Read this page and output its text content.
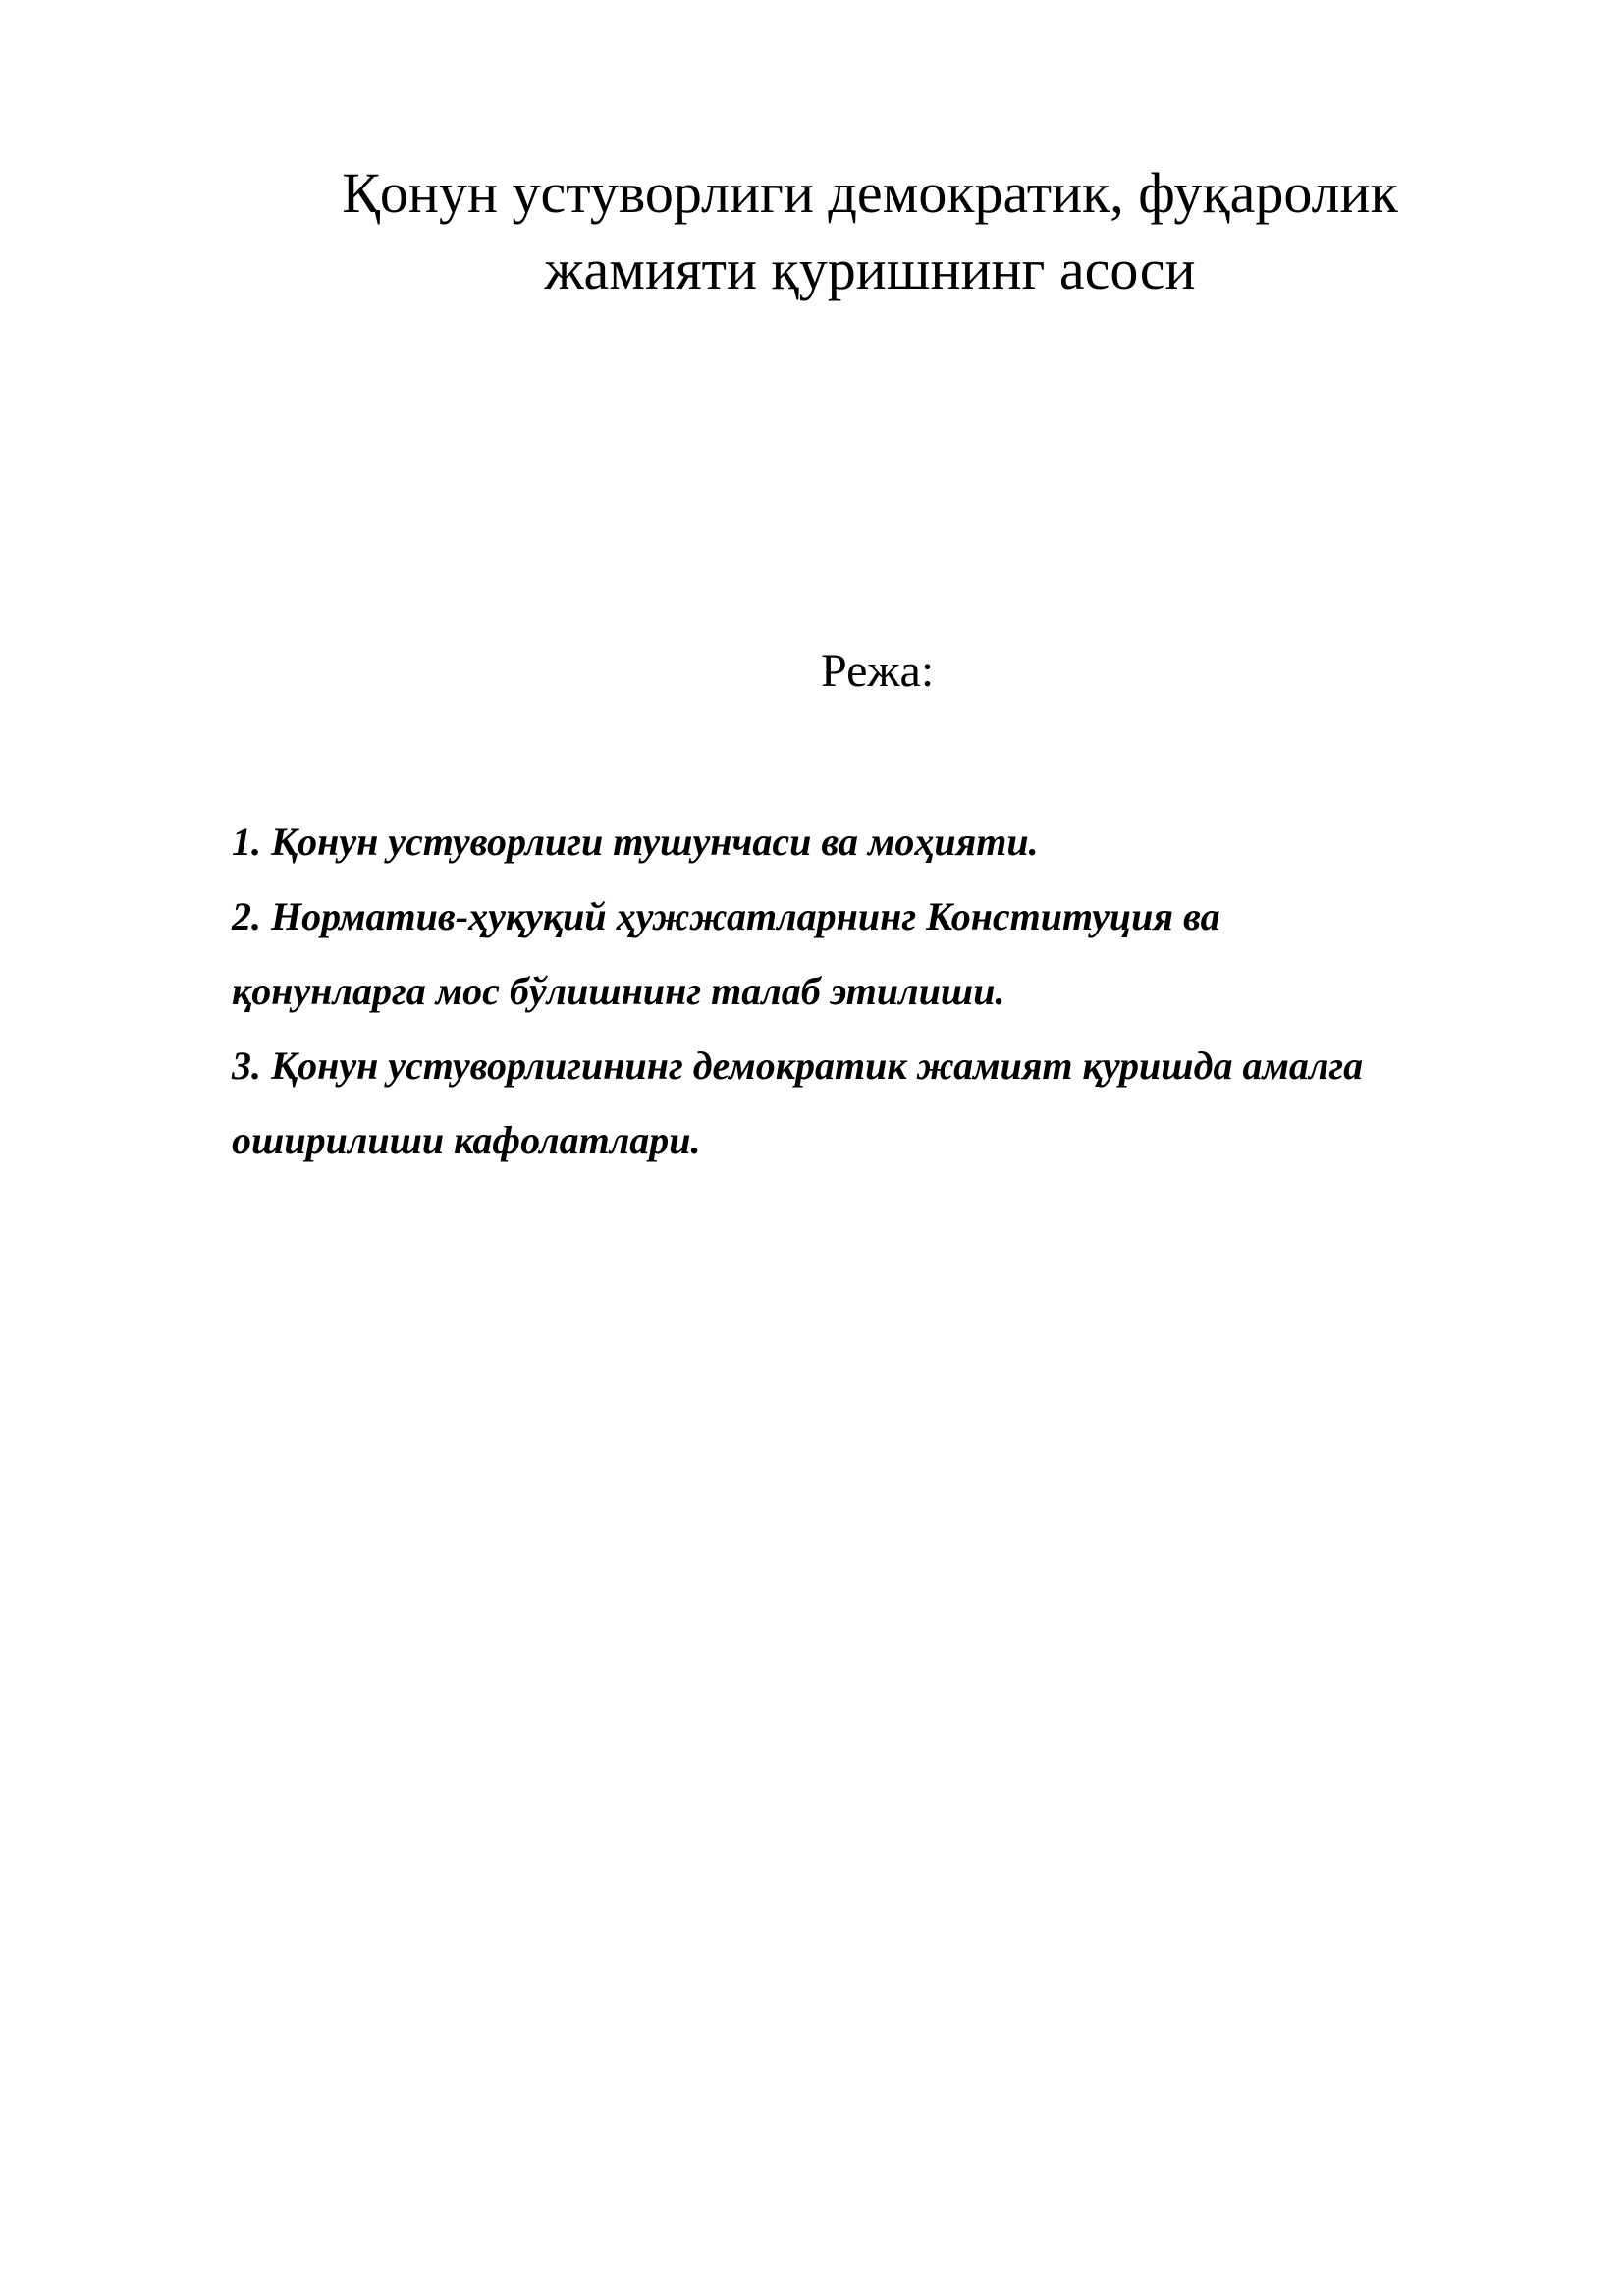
Қонун устуворлиги демократик, фуқаролик
жамияти қуришнинг асоси
Режа:

1. Қонун устуворлиги тушунчаси ва моҳияти.

2. Норматив-ҳуқуқий ҳужжатларнинг Конституция ва
қонунларга мос бўлишнинг талаб этилиши.

3. Қонун устуворлигининг демократик жамият қуришда амалга
оширилиши кафолатлари.
